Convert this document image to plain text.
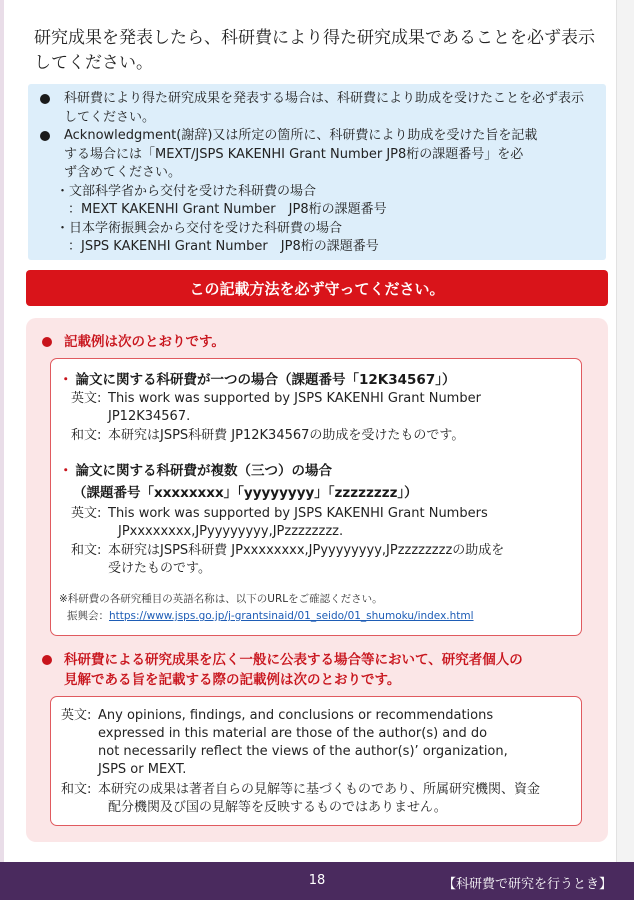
研究成果を発表したら、科研費により得た研究成果であることを必ず表示してください。
科研費により得た研究成果を発表する場合は、科研費により助成を受けたことを必ず表示してください。
Acknowledgment(謝辞)又は所定の箇所に、科研費により助成を受けた旨を記載
する場合には「MEXT/JSPS KAKENHI Grant Number JP8桁の課題番号」を必
ず含めてください。
・文部科学省から交付を受けた科研費の場合
：MEXT KAKENHI Grant Number　JP8桁の課題番号
・日本学術振興会から交付を受けた科研費の場合
：JSPS KAKENHI Grant Number　JP8桁の課題番号
この記載方法を必ず守ってください。
記載例は次のとおりです。
・ 論文に関する科研費が一つの場合（課題番号「12K34567」）
英文: This work was supported by JSPS KAKENHI Grant Number
JP12K34567.
和文: 本研究はJSPS科研費 JP12K34567の助成を受けたものです。
・ 論文に関する科研費が複数（三つ）の場合
（課題番号「xxxxxxxx」「yyyyyyyy」「zzzzzzzz」）
英文: This work was supported by JSPS KAKENHI Grant Numbers
JPxxxxxxxx,JPyyyyyyyy,JPzzzzzzzz.
和文: 本研究はJSPS科研費 JPxxxxxxxx,JPyyyyyyyy,JPzzzzzzzzの助成を
受けたものです。
※科研費の各研究種目の英語名称は、以下のURLをご確認ください。
振興会：https://www.jsps.go.jp/j-grantsinaid/01_seido/01_shumoku/index.html
科研費による研究成果を広く一般に公表する場合等において、研究者個人の
見解である旨を記載する際の記載例は次のとおりです。
英文: Any opinions, findings, and conclusions or recommendations
expressed in this material are those of the author(s) and do
not necessarily reflect the views of the author(s)’ organization,
JSPS or MEXT.
和文: 本研究の成果は著者自らの見解等に基づくものであり、所属研究機関、資金
配分機関及び国の見解等を反映するものではありません。
18	【科研費で研究を行うとき】
